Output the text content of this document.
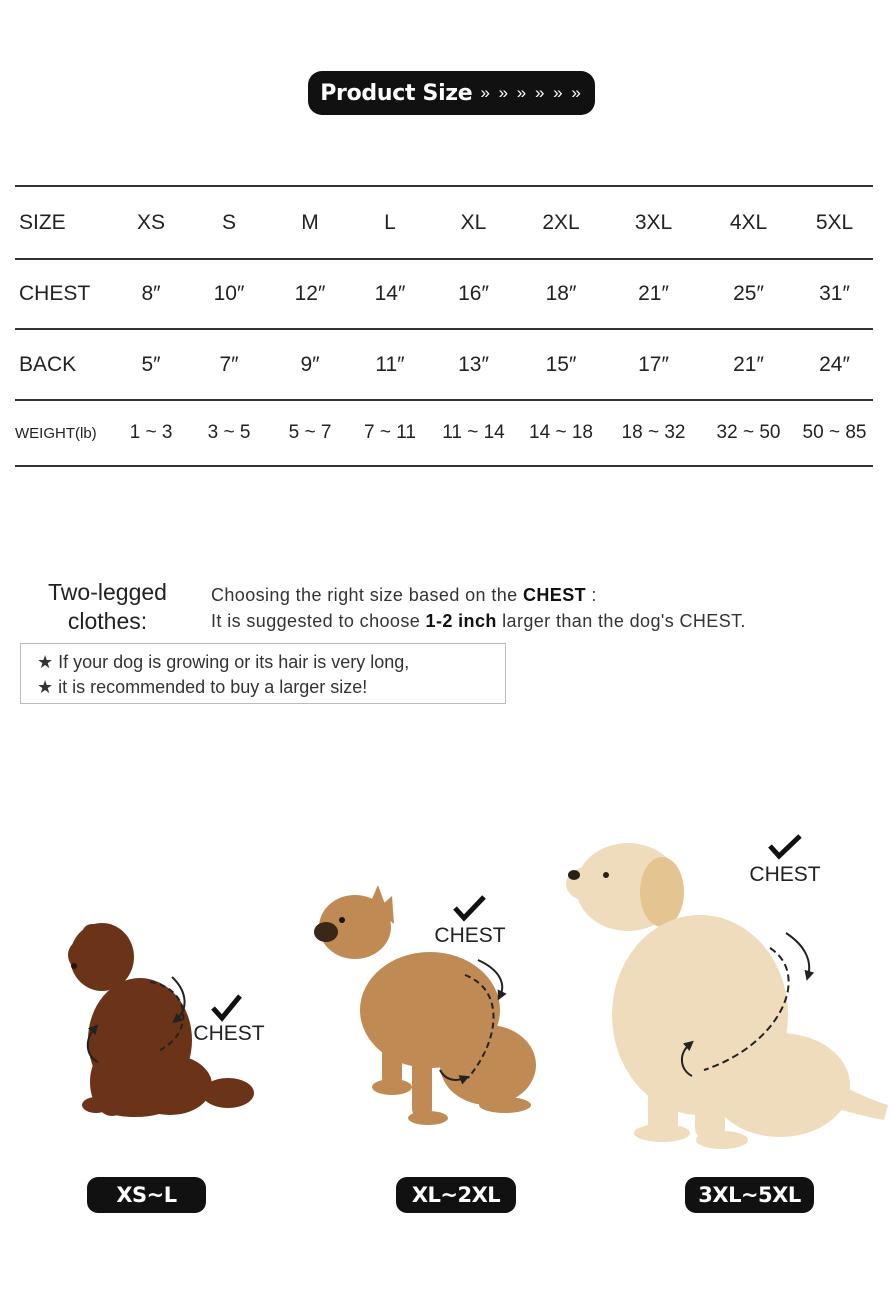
Product Size » » » » » »
SIZE	XS	S	M	L	XL	2XL	3XL	4XL	5XL
CHEST	8″	10″	12″	14″	16″	18″	21″	25″	31″
BACK	5″	7″	9″	11″	13″	15″	17″	21″	24″
WEIGHT(lb)	1 ~ 3	3 ~ 5	5 ~ 7	7 ~ 11	11 ~ 14	14 ~ 18	18 ~ 32	32 ~ 50	50 ~ 85
Two-legged
clothes:
Choosing the right size based on the CHEST :
It is suggested to choose 1-2 inch larger than the dog's CHEST.
★ If your dog is growing or its hair is very long,
★ it is recommended to buy a larger size!
CHEST
CHEST
CHEST
XS~L	XL~2XL	3XL~5XL
